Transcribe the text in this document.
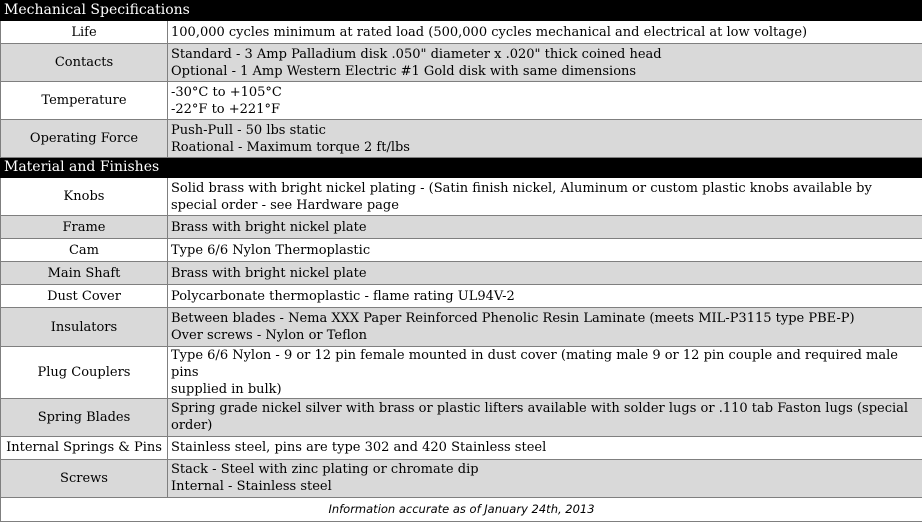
Mechanical Specifications	
Life	100,000 cycles minimum at rated load (500,000 cycles mechanical and electrical at low voltage)

Contacts	Standard - 3 Amp Palladium disk .050" diameter x .020" thick coined head
Optional - 1 Amp Western Electric #1 Gold disk with same dimensions

Temperature	-30°C to +105°C
-22°F to +221°F

Operating Force	Push-Pull - 50 lbs static
Roational - Maximum torque 2 ft/lbs

Material and Finishes	
Knobs	Solid brass with bright nickel plating - (Satin finish nickel, Aluminum or custom plastic knobs available by
special order - see Hardware page

Frame	Brass with bright nickel plate

Cam	Type 6/6 Nylon Thermoplastic

Main Shaft	Brass with bright nickel plate

Dust Cover	Polycarbonate thermoplastic - flame rating UL94V-2

Insulators	Between blades - Nema XXX Paper Reinforced Phenolic Resin Laminate (meets MIL-P3115 type PBE-P)
Over screws - Nylon or Teflon

Plug Couplers	Type 6/6 Nylon - 9 or 12 pin female mounted in dust cover (mating male 9 or 12 pin couple and required male pins
supplied in bulk)

Spring Blades	Spring grade nickel silver with brass or plastic lifters available with solder lugs or .110 tab Faston lugs (special
order)

Internal Springs & Pins	Stainless steel, pins are type 302 and 420 Stainless steel

Screws	Stack - Steel with zinc plating or chromate dip
Internal - Stainless steel

Information accurate as of January 24th, 2013	
